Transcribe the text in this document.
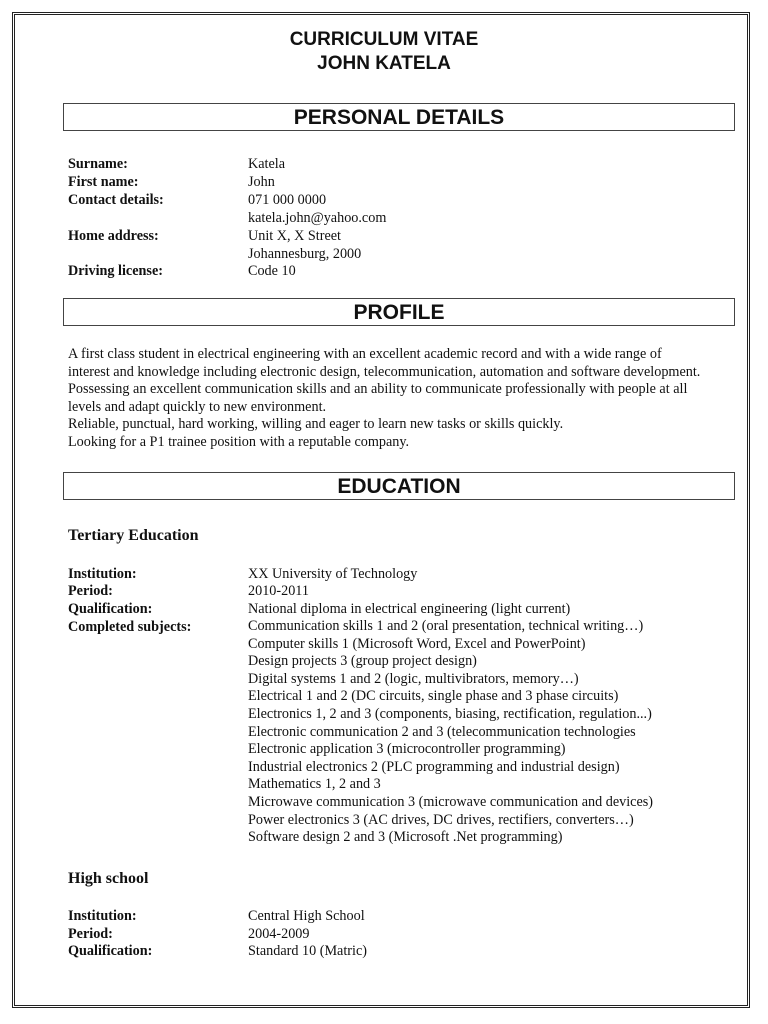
CURRICULUM VITAE
JOHN KATELA
PERSONAL DETAILS
Surname:	Katela
First name:	John
Contact details:	071 000 0000
katela.john@yahoo.com
Home address:	Unit X, X Street
Johannesburg, 2000
Driving license:	Code 10
PROFILE
A first class student in electrical engineering with an excellent academic record and with a wide range of
interest and knowledge including electronic design, telecommunication, automation and software development.
Possessing an excellent communication skills and an ability to communicate professionally with people at all
levels and adapt quickly to new environment.
Reliable, punctual, hard working, willing and eager to learn new tasks or skills quickly.
Looking for a P1 trainee position with a reputable company.
EDUCATION
Tertiary Education
Institution:	XX University of Technology
Period:	2010-2011
Qualification:	National diploma in electrical engineering (light current)
Completed subjects:	Communication skills 1 and 2 (oral presentation, technical writing…)
Computer skills 1 (Microsoft Word, Excel and PowerPoint)
Design projects 3 (group project design)
Digital systems 1 and 2 (logic, multivibrators, memory…)
Electrical 1 and 2 (DC circuits, single phase and 3 phase circuits)
Electronics 1, 2 and 3 (components, biasing, rectification, regulation...)
Electronic communication 2 and 3 (telecommunication technologies
Electronic application 3 (microcontroller programming)
Industrial electronics 2 (PLC programming and industrial design)
Mathematics 1, 2 and 3
Microwave communication 3 (microwave communication and devices)
Power electronics 3 (AC drives, DC drives, rectifiers, converters…)
Software design 2 and 3 (Microsoft .Net programming)
High school
Institution:	Central High School
Period:	2004-2009
Qualification:	Standard 10 (Matric)
